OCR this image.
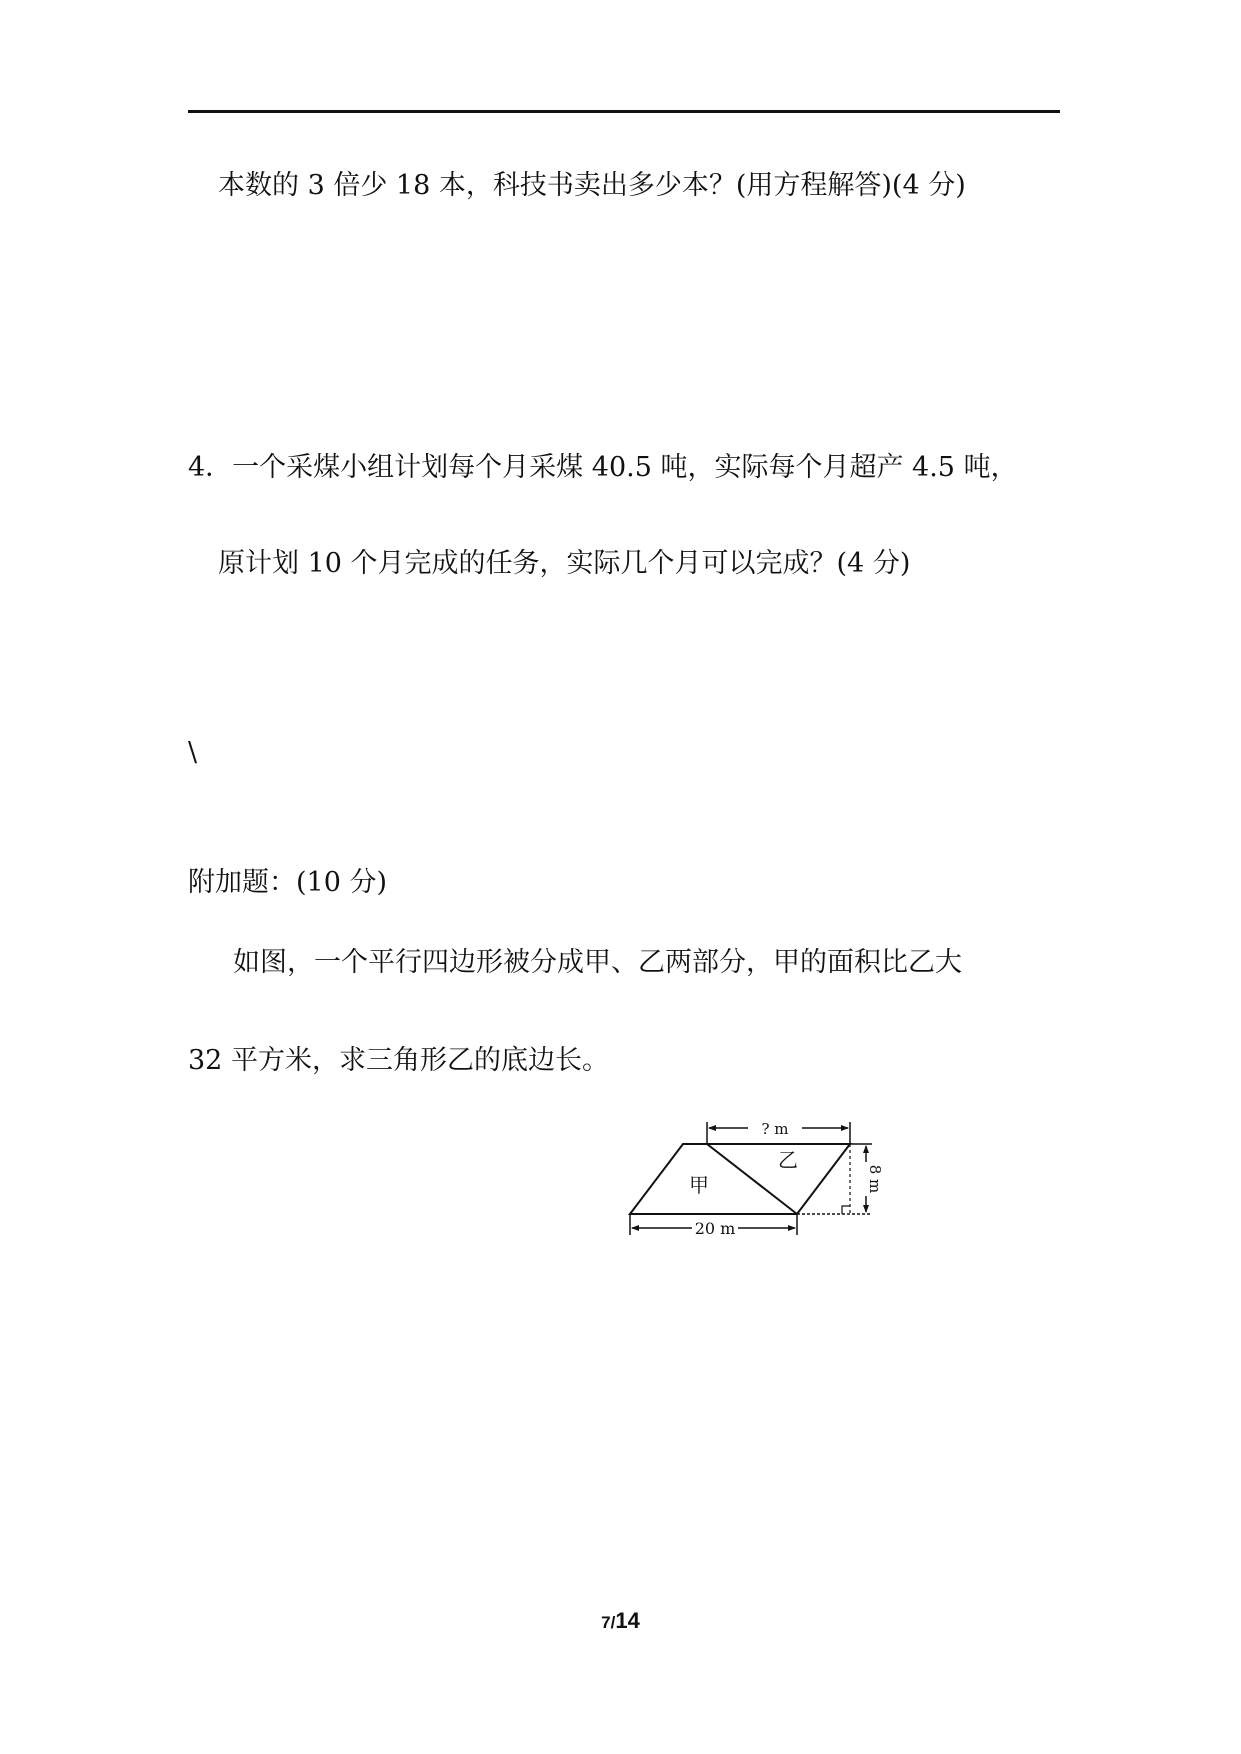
本数的 3 倍少 18 本，科技书卖出多少本？(用方程解答)(4 分)
4．一个采煤小组计划每个月采煤 40.5 吨，实际每个月超产 4.5 吨，
原计划 10 个月完成的任务，实际几个月可以完成？(4 分)
\
附加题：(10 分)
如图，一个平行四边形被分成甲、乙两部分，甲的面积比乙大
32 平方米，求三角形乙的底边长。
? m
8 m
20 m
甲
乙
7/14
